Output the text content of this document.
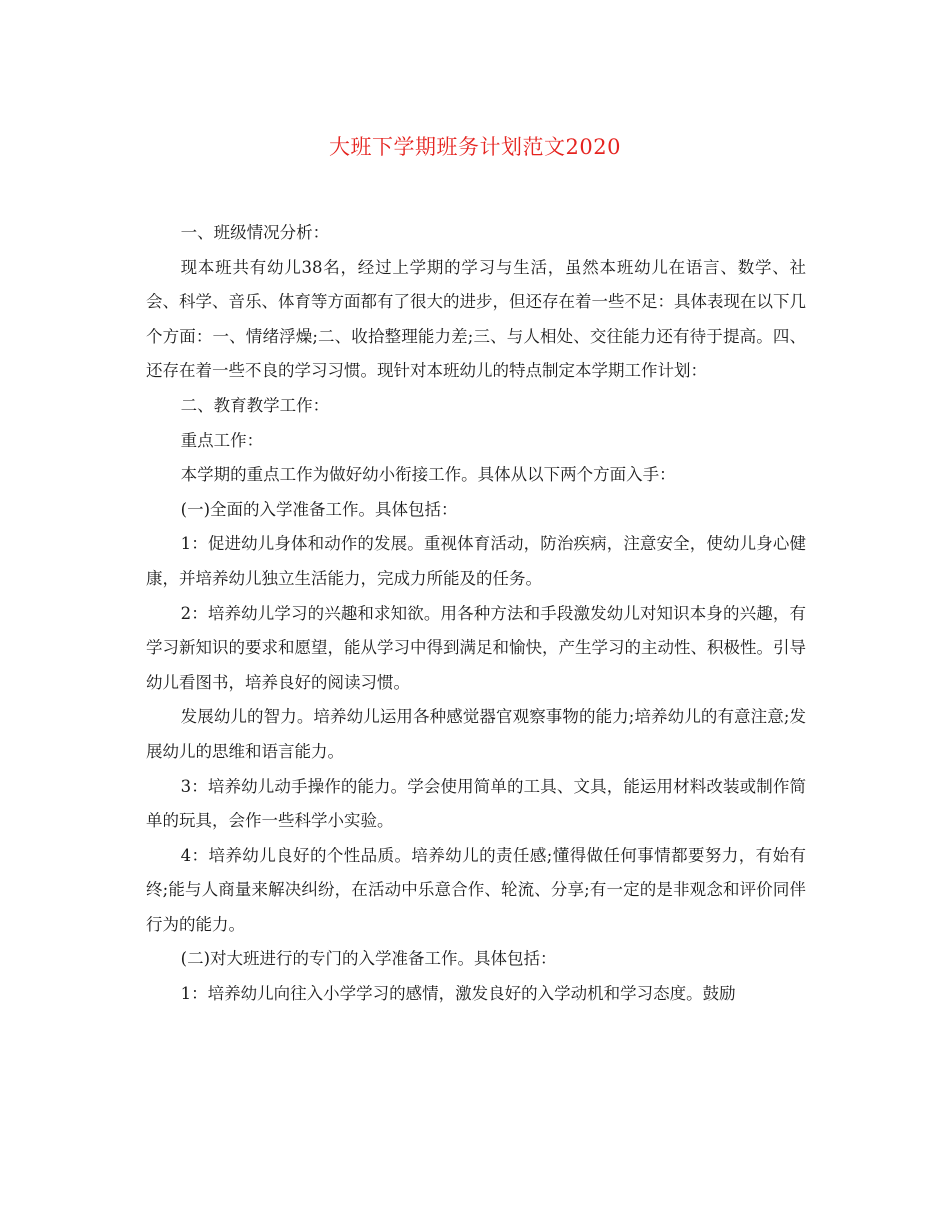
大班下学期班务计划范文2020

一、班级情况分析：

现本班共有幼儿38名，经过上学期的学习与生活，虽然本班幼儿在语言、数学、社会、科学、音乐、体育等方面都有了很大的进步，但还存在着一些不足：具体表现在以下几个方面：一、情绪浮燥;二、收拾整理能力差;三、与人相处、交往能力还有待于提高。四、还存在着一些不良的学习习惯。现针对本班幼儿的特点制定本学期工作计划：

二、教育教学工作：

重点工作：

本学期的重点工作为做好幼小衔接工作。具体从以下两个方面入手：

(一)全面的入学准备工作。具体包括：

1：促进幼儿身体和动作的发展。重视体育活动，防治疾病，注意安全，使幼儿身心健康，并培养幼儿独立生活能力，完成力所能及的任务。

2：培养幼儿学习的兴趣和求知欲。用各种方法和手段激发幼儿对知识本身的兴趣，有学习新知识的要求和愿望，能从学习中得到满足和愉快，产生学习的主动性、积极性。引导幼儿看图书，培养良好的阅读习惯。

发展幼儿的智力。培养幼儿运用各种感觉器官观察事物的能力;培养幼儿的有意注意;发展幼儿的思维和语言能力。

3：培养幼儿动手操作的能力。学会使用简单的工具、文具，能运用材料改装或制作简单的玩具，会作一些科学小实验。

4：培养幼儿良好的个性品质。培养幼儿的责任感;懂得做任何事情都要努力，有始有终;能与人商量来解决纠纷，在活动中乐意合作、轮流、分享;有一定的是非观念和评价同伴行为的能力。

(二)对大班进行的专门的入学准备工作。具体包括：

1：培养幼儿向往入小学学习的感情，激发良好的入学动机和学习态度。鼓励
